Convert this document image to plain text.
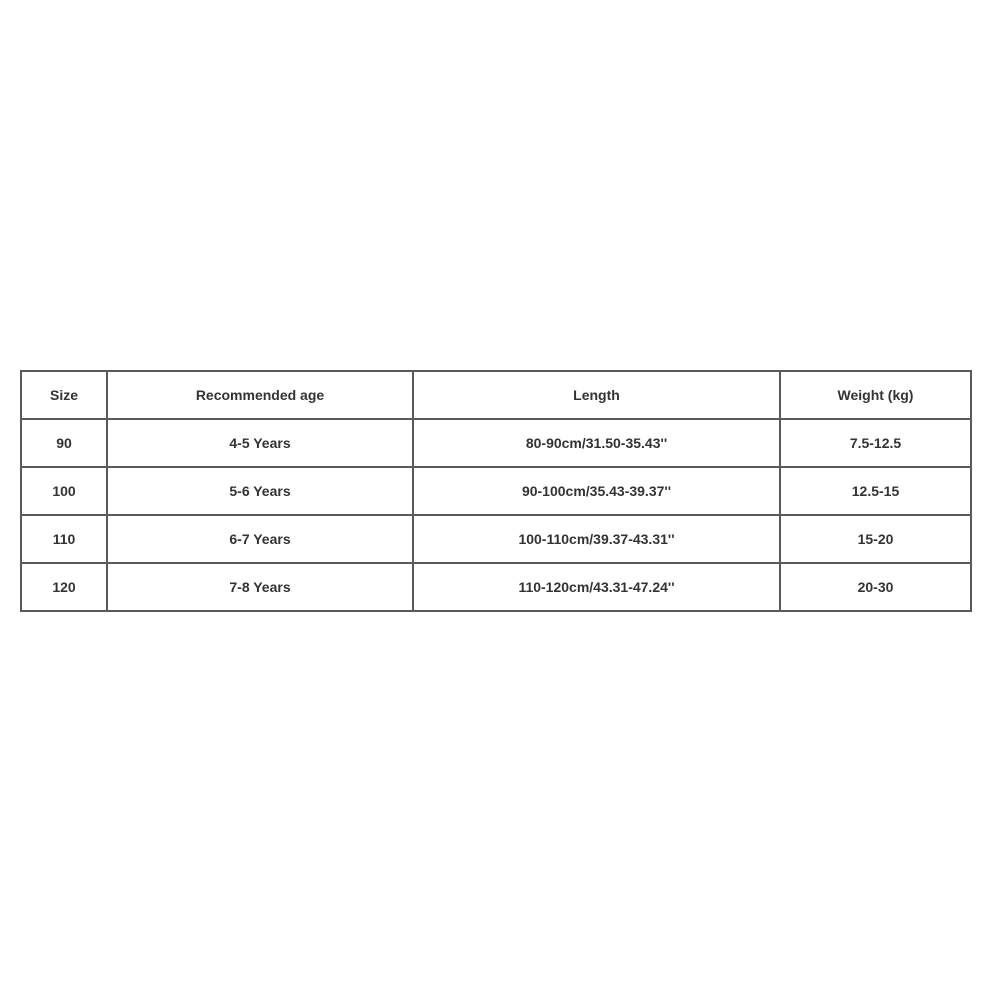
Size	Recommended age	Length	Weight (kg)
90	4-5 Years	80-90cm/31.50-35.43''	7.5-12.5
100	5-6 Years	90-100cm/35.43-39.37''	12.5-15
110	6-7 Years	100-110cm/39.37-43.31''	15-20
120	7-8 Years	110-120cm/43.31-47.24''	20-30
